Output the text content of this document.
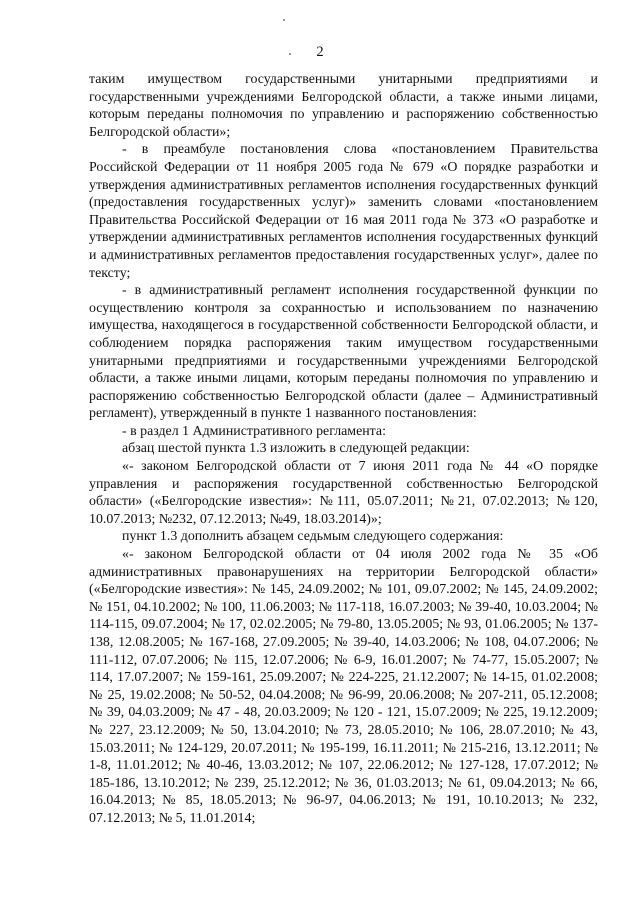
2

таким имуществом государственными унитарными предприятиями и государственными учреждениями Белгородской области, а также иными лицами, которым переданы полномочия по управлению и распоряжению собственностью Белгородской области»;

- в преамбуле постановления слова «постановлением Правительства Российской Федерации от 11 ноября 2005 года № 679 «О порядке разработки и утверждения административных регламентов исполнения государственных функций (предоставления государственных услуг)» заменить словами «постановлением Правительства Российской Федерации от 16 мая 2011 года № 373 «О разработке и утверждении административных регламентов исполнения государственных функций и административных регламентов предоставления государственных услуг», далее по тексту;

- в административный регламент исполнения государственной функции по осуществлению контроля за сохранностью и использованием по назначению имущества, находящегося в государственной собственности Белгородской области, и соблюдением порядка распоряжения таким имуществом государственными унитарными предприятиями и государственными учреждениями Белгородской области, а также иными лицами, которым переданы полномочия по управлению и распоряжению собственностью Белгородской области (далее – Административный регламент), утвержденный в пункте 1 названного постановления:

- в раздел 1 Административного регламента:

абзац шестой пункта 1.3 изложить в следующей редакции:

«- законом Белгородской области от 7 июня 2011 года № 44 «О порядке управления и распоряжения государственной собственностью Белгородской области» («Белгородские известия»: №111, 05.07.2011; №21, 07.02.2013; №120, 10.07.2013; №232, 07.12.2013; №49, 18.03.2014)»;

пункт 1.3 дополнить абзацем седьмым следующего содержания:

«- законом Белгородской области от 04 июля 2002 года № 35 «Об административных правонарушениях на территории Белгородской области» («Белгородские известия»: № 145, 24.09.2002; № 101, 09.07.2002; № 145, 24.09.2002; № 151, 04.10.2002; № 100, 11.06.2003; № 117-118, 16.07.2003; № 39-40, 10.03.2004; № 114-115, 09.07.2004; № 17, 02.02.2005; № 79-80, 13.05.2005; № 93, 01.06.2005; № 137-138, 12.08.2005; № 167-168, 27.09.2005; № 39-40, 14.03.2006; № 108, 04.07.2006; № 111-112, 07.07.2006; № 115, 12.07.2006; № 6-9, 16.01.2007; № 74-77, 15.05.2007; № 114, 17.07.2007; № 159-161, 25.09.2007; № 224-225, 21.12.2007; № 14-15, 01.02.2008; № 25, 19.02.2008; № 50-52, 04.04.2008; № 96-99, 20.06.2008; № 207-211, 05.12.2008; № 39, 04.03.2009; № 47 - 48, 20.03.2009; № 120 - 121, 15.07.2009; № 225, 19.12.2009; № 227, 23.12.2009; № 50, 13.04.2010; № 73, 28.05.2010; № 106, 28.07.2010; № 43, 15.03.2011; № 124-129, 20.07.2011; № 195-199, 16.11.2011; № 215-216, 13.12.2011; № 1-8, 11.01.2012; № 40-46, 13.03.2012; № 107, 22.06.2012; № 127-128, 17.07.2012; № 185-186, 13.10.2012; № 239, 25.12.2012; № 36, 01.03.2013; № 61, 09.04.2013; № 66, 16.04.2013; № 85, 18.05.2013; № 96-97, 04.06.2013; № 191, 10.10.2013; № 232, 07.12.2013; № 5, 11.01.2014;
